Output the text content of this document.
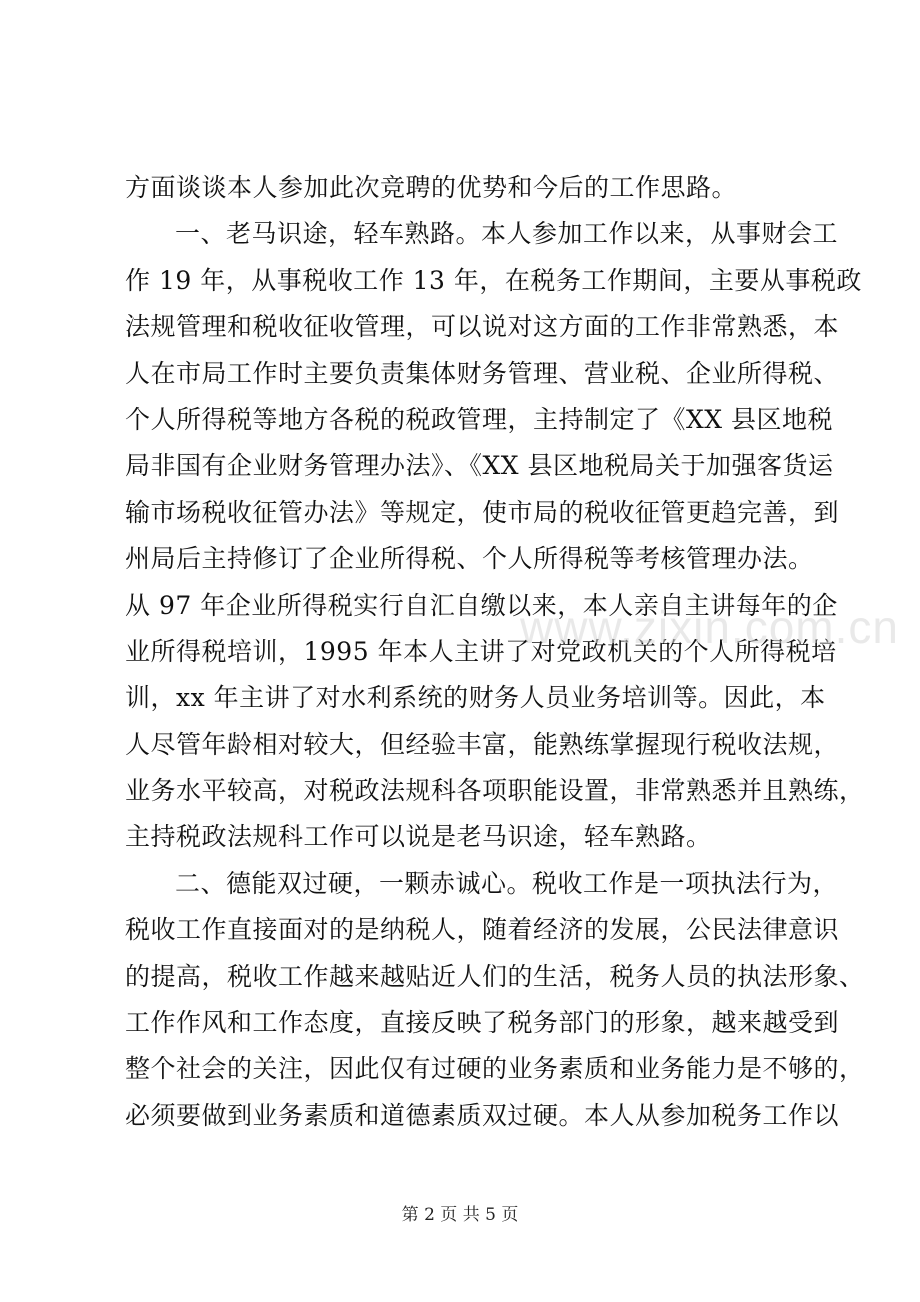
方面谈谈本人参加此次竞聘的优势和今后的工作思路。
一、老马识途，轻车熟路。本人参加工作以来，从事财会工
作 19 年，从事税收工作 13 年，在税务工作期间，主要从事税政
法规管理和税收征收管理，可以说对这方面的工作非常熟悉，本
人在市局工作时主要负责集体财务管理、营业税、企业所得税、
个人所得税等地方各税的税政管理，主持制定了《XX 县区地税
局非国有企业财务管理办法》、《XX 县区地税局关于加强客货运
输市场税收征管办法》等规定，使市局的税收征管更趋完善，到
州局后主持修订了企业所得税、个人所得税等考核管理办法。
从 97 年企业所得税实行自汇自缴以来，本人亲自主讲每年的企
业所得税培训，1995 年本人主讲了对党政机关的个人所得税培
训，xx 年主讲了对水利系统的财务人员业务培训等。因此，本
人尽管年龄相对较大，但经验丰富，能熟练掌握现行税收法规，
业务水平较高，对税政法规科各项职能设置，非常熟悉并且熟练，
主持税政法规科工作可以说是老马识途，轻车熟路。
二、德能双过硬，一颗赤诚心。税收工作是一项执法行为，
税收工作直接面对的是纳税人，随着经济的发展，公民法律意识
的提高，税收工作越来越贴近人们的生活，税务人员的执法形象、
工作作风和工作态度，直接反映了税务部门的形象，越来越受到
整个社会的关注，因此仅有过硬的业务素质和业务能力是不够的，
必须要做到业务素质和道德素质双过硬。本人从参加税务工作以
www.zixin.com.cn
第 2 页 共 5 页
